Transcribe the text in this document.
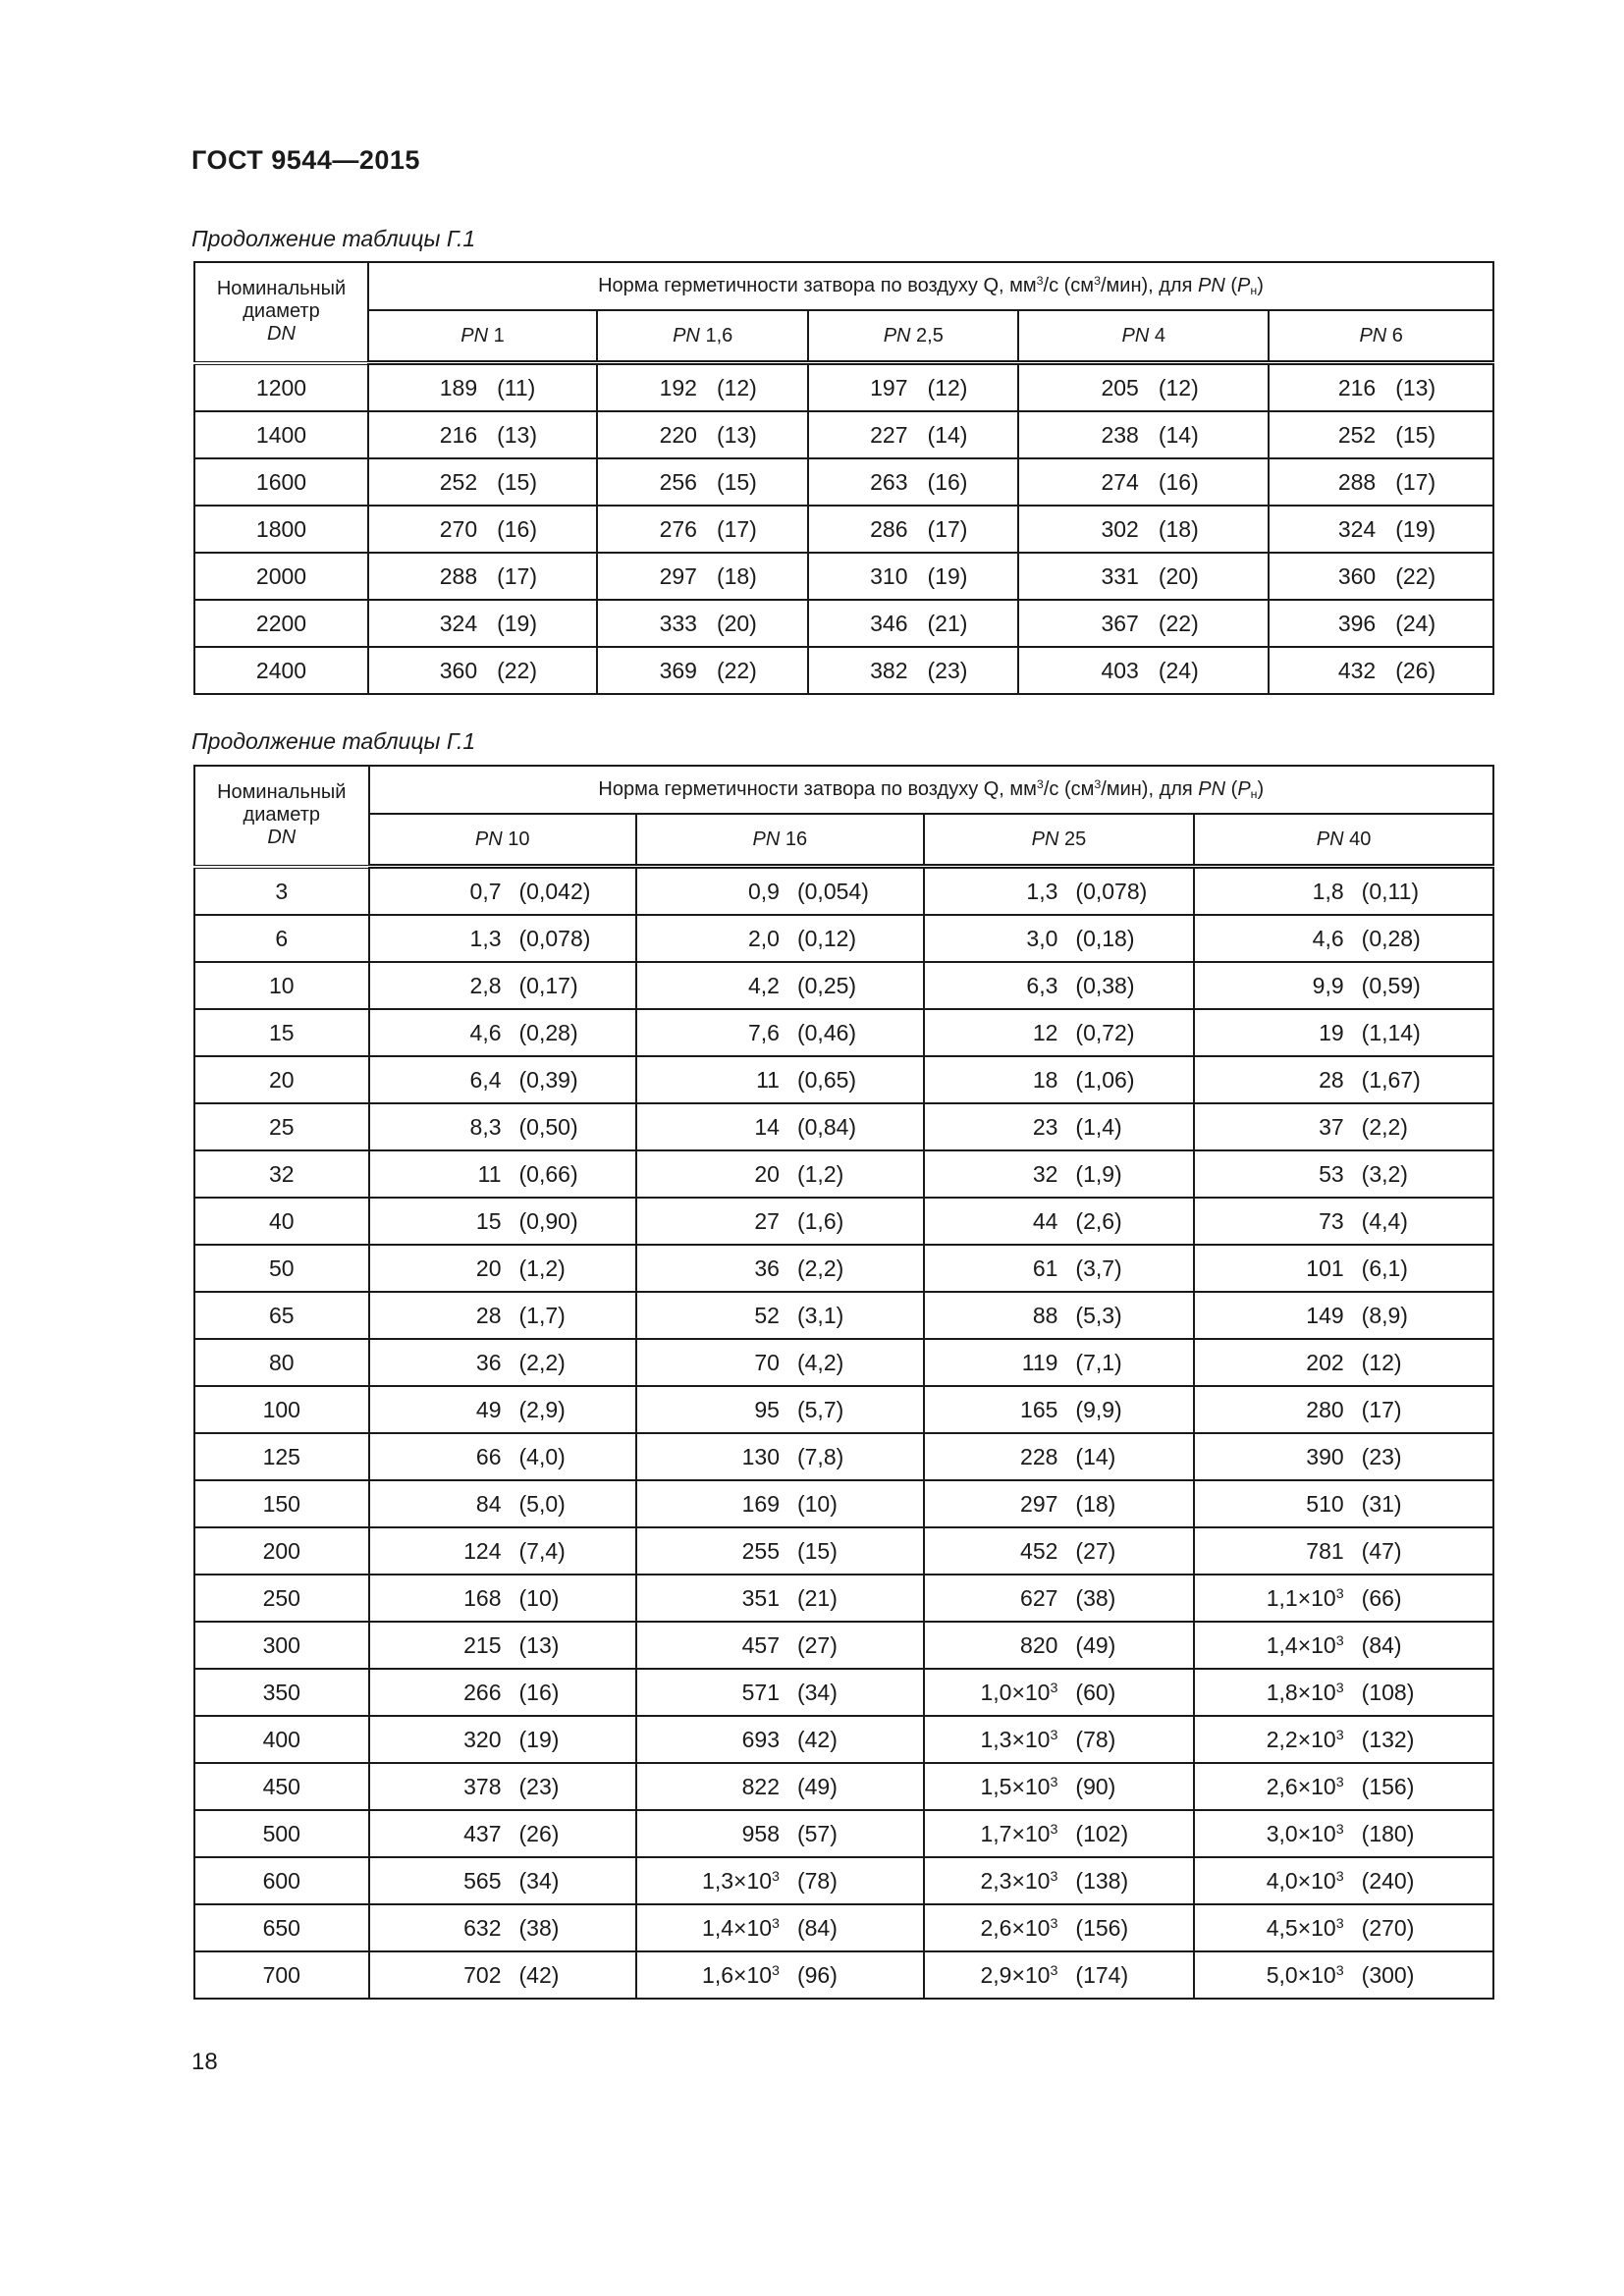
ГОСТ 9544—2015
Продолжение таблицы Г.1
Номинальный
диаметр
DN	Норма герметичности затвора по воздуху Q, $мм^3/с$ $(см^3/мин)$, для PN $(P_н)$				
	PN 1	PN 1,6	PN 2,5	PN 4	PN 6
1200	189 (11)	192 (12)	197 (12)	205 (12)	216 (13)

1400	216 (13)	220 (13)	227 (14)	238 (14)	252 (15)

1600	252 (15)	256 (15)	263 (16)	274 (16)	288 (17)

1800	270 (16)	276 (17)	286 (17)	302 (18)	324 (19)

2000	288 (17)	297 (18)	310 (19)	331 (20)	360 (22)

2200	324 (19)	333 (20)	346 (21)	367 (22)	396 (24)

2400	360 (22)	369 (22)	382 (23)	403 (24)	432 (26)
Продолжение таблицы Г.1
Номинальный
диаметр
DN	Норма герметичности затвора по воздуху Q, $мм^3/с$ $(см^3/мин)$, для PN $(P_н)$			
	PN 10	PN 16	PN 25	PN 40
3	0,7 (0,042)	0,9 (0,054)	1,3 (0,078)	1,8 (0,11)

6	1,3 (0,078)	2,0 (0,12)	3,0 (0,18)	4,6 (0,28)

10	2,8 (0,17)	4,2 (0,25)	6,3 (0,38)	9,9 (0,59)

15	4,6 (0,28)	7,6 (0,46)	12 (0,72)	19 (1,14)

20	6,4 (0,39)	11 (0,65)	18 (1,06)	28 (1,67)

25	8,3 (0,50)	14 (0,84)	23 (1,4)	37 (2,2)

32	11 (0,66)	20 (1,2)	32 (1,9)	53 (3,2)

40	15 (0,90)	27 (1,6)	44 (2,6)	73 (4,4)

50	20 (1,2)	36 (2,2)	61 (3,7)	101 (6,1)

65	28 (1,7)	52 (3,1)	88 (5,3)	149 (8,9)

80	36 (2,2)	70 (4,2)	119 (7,1)	202 (12)

100	49 (2,9)	95 (5,7)	165 (9,9)	280 (17)

125	66 (4,0)	130 (7,8)	228 (14)	390 (23)

150	84 (5,0)	169 (10)	297 (18)	510 (31)

200	124 (7,4)	255 (15)	452 (27)	781 (47)

250	168 (10)	351 (21)	627 (38)	$1,1\times 10^3$ (66)

300	215 (13)	457 (27)	820 (49)	$1,4\times 10^3$ (84)

350	266 (16)	571 (34)	$1,0\times 10^3$ (60)	$1,8\times 10^3$ (108)

400	320 (19)	693 (42)	$1,3\times 10^3$ (78)	$2,2\times 10^3$ (132)

450	378 (23)	822 (49)	$1,5\times 10^3$ (90)	$2,6\times 10^3$ (156)

500	437 (26)	958 (57)	$1,7\times 10^3$ (102)	$3,0\times 10^3$ (180)

600	565 (34)	$1,3\times 10^3$ (78)	$2,3\times 10^3$ (138)	$4,0\times 10^3$ (240)

650	632 (38)	$1,4\times 10^3$ (84)	$2,6\times 10^3$ (156)	$4,5\times 10^3$ (270)

700	702 (42)	$1,6\times 10^3$ (96)	$2,9\times 10^3$ (174)	$5,0\times 10^3$ (300)
18
